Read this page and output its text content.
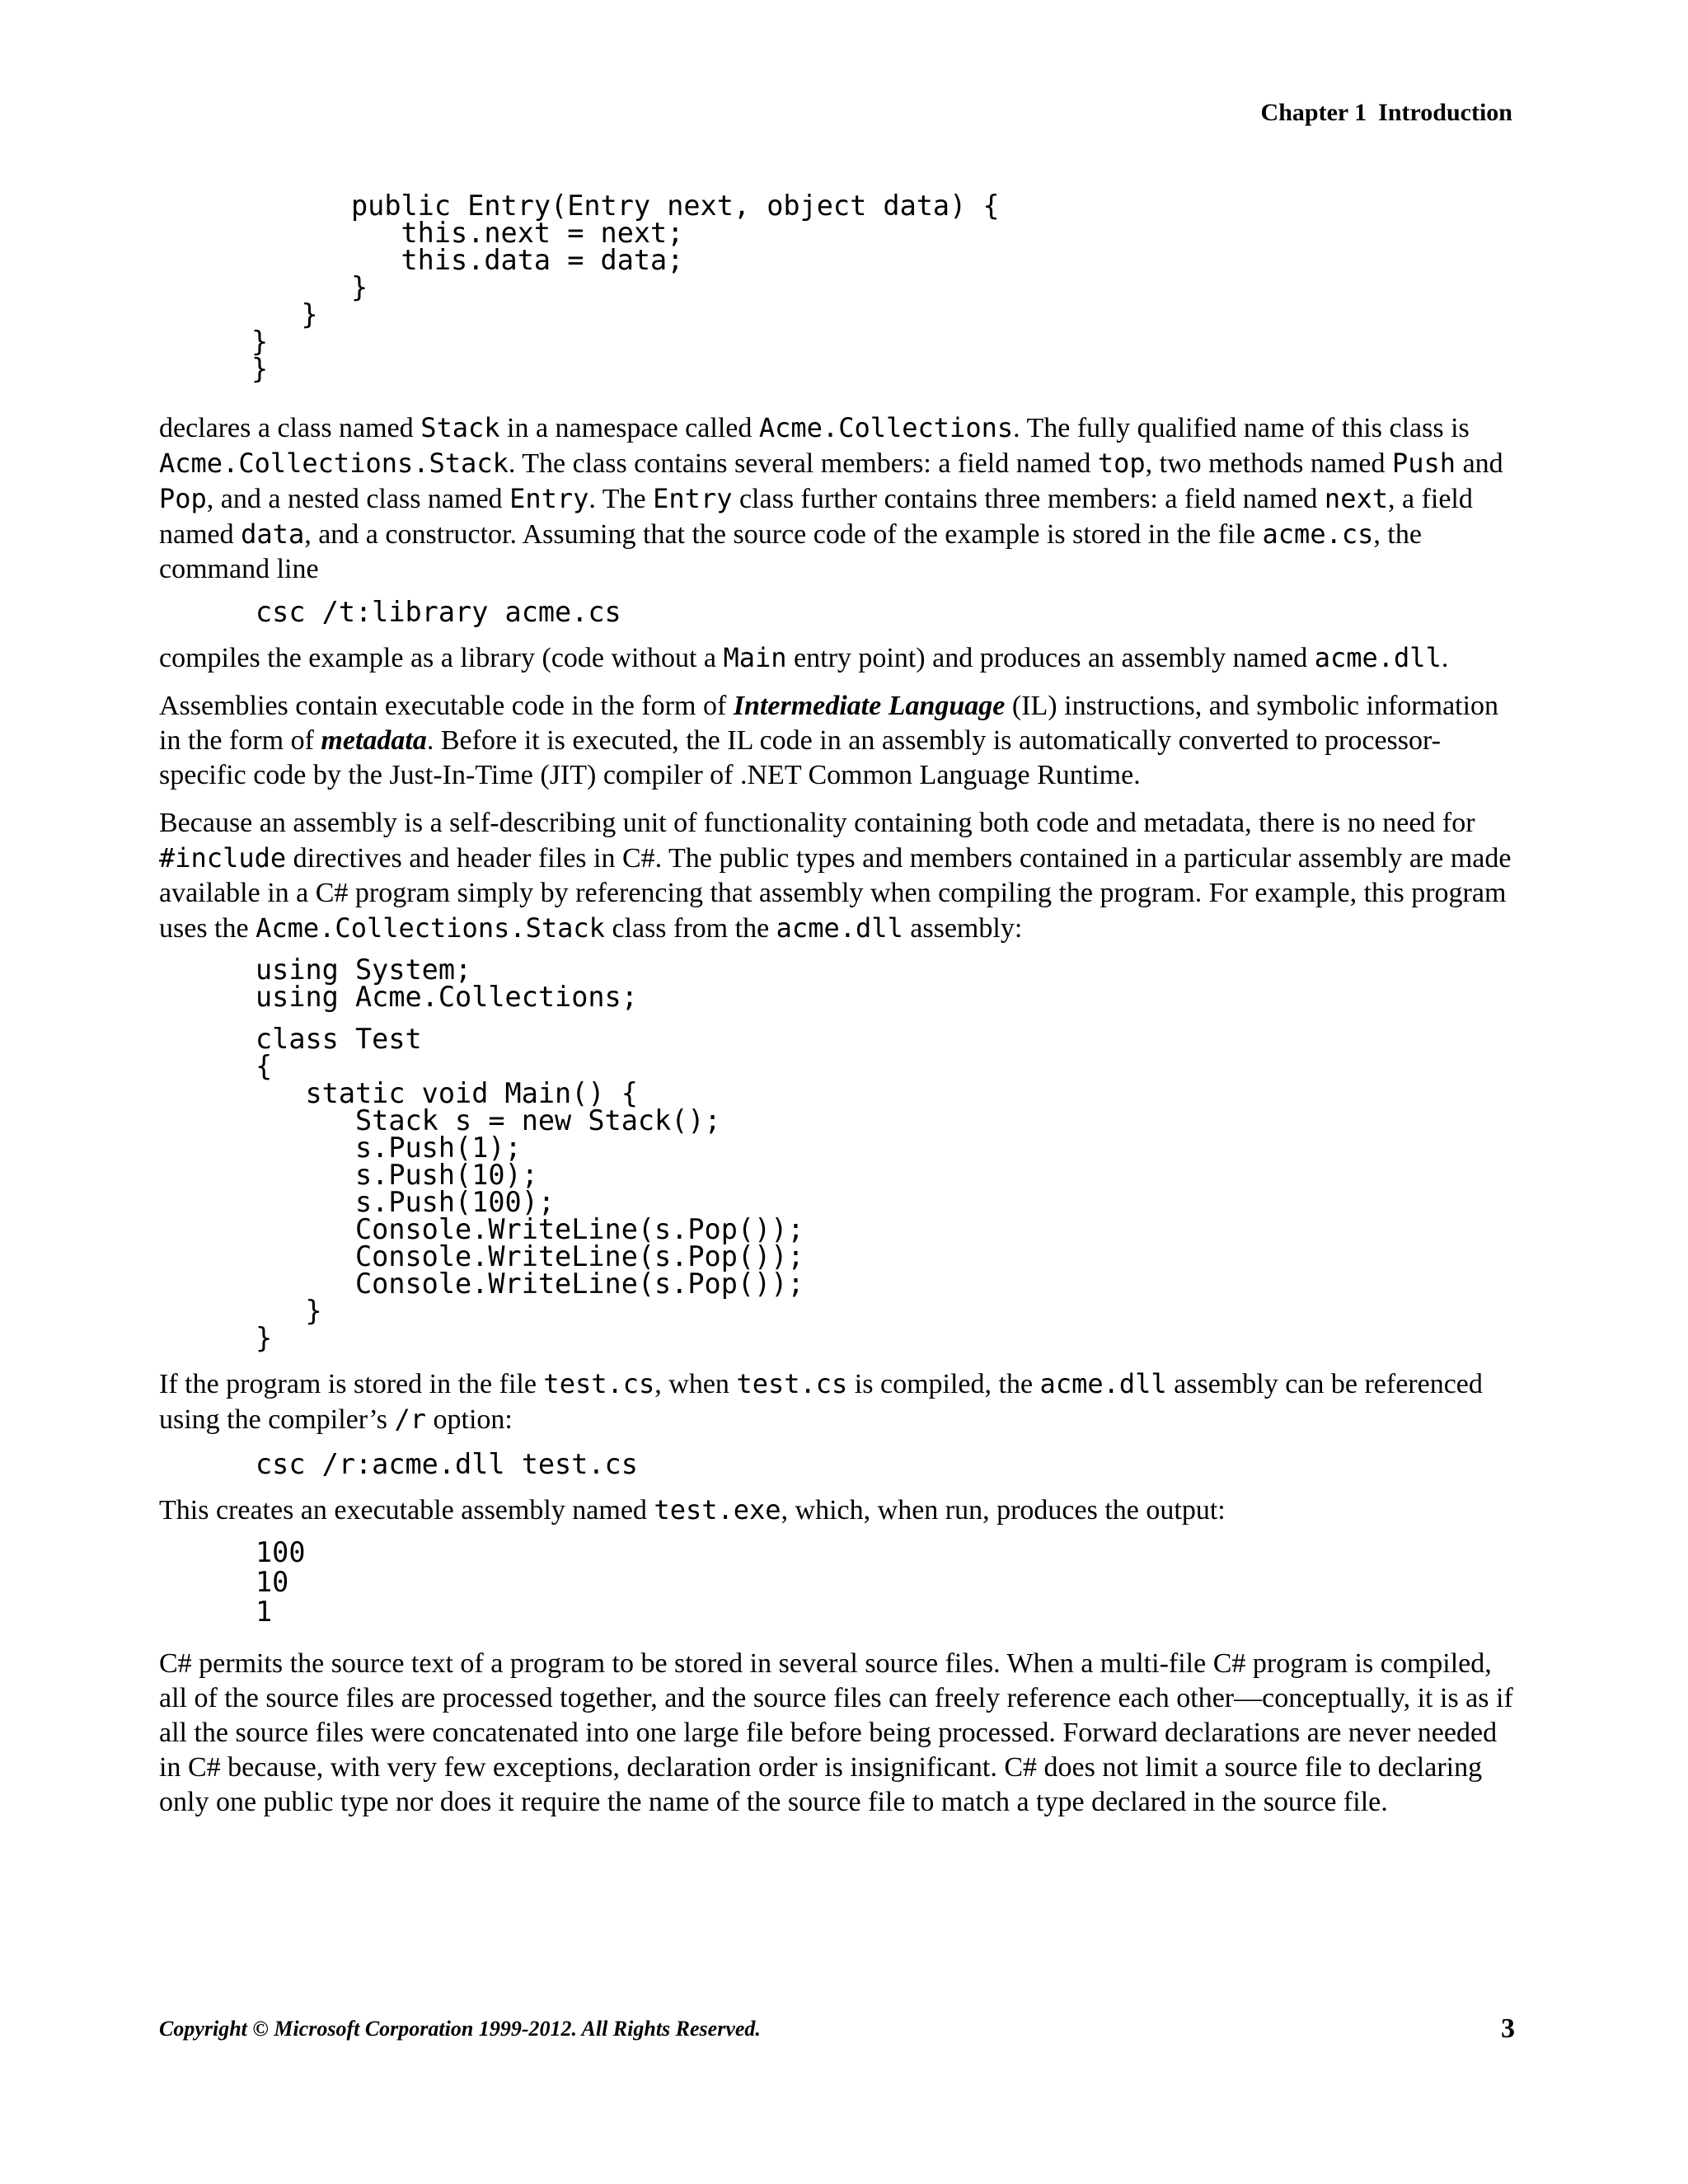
Chapter 1 Introduction
public Entry(Entry next, object data) {
this.next = next;
this.data = data;
}
}
}
}

declares a class named Stack in a namespace called Acme.Collections. The fully qualified name of this class is Acme.Collections.Stack. The class contains several members: a field named top, two methods named Push and Pop, and a nested class named Entry. The Entry class further contains three members: a field named next, a field named data, and a constructor. Assuming that the source code of the example is stored in the file acme.cs, the command line

csc /t:library acme.cs

compiles the example as a library (code without a Main entry point) and produces an assembly named acme.dll.

Assemblies contain executable code in the form of Intermediate Language (IL) instructions, and symbolic information in the form of metadata. Before it is executed, the IL code in an assembly is automatically converted to processor-specific code by the Just-In-Time (JIT) compiler of .NET Common Language Runtime.

Because an assembly is a self-describing unit of functionality containing both code and metadata, there is no need for #include directives and header files in C#. The public types and members contained in a particular assembly are made available in a C# program simply by referencing that assembly when compiling the program. For example, this program uses the Acme.Collections.Stack class from the acme.dll assembly:

using System;
using Acme.Collections;
class Test
{
static void Main() {
Stack s = new Stack();
s.Push(1);
s.Push(10);
s.Push(100);
Console.WriteLine(s.Pop());
Console.WriteLine(s.Pop());
Console.WriteLine(s.Pop());
}
}

If the program is stored in the file test.cs, when test.cs is compiled, the acme.dll assembly can be referenced using the compiler’s /r option:

csc /r:acme.dll test.cs

This creates an executable assembly named test.exe, which, when run, produces the output:

100
10
1

C# permits the source text of a program to be stored in several source files. When a multi-file C# program is compiled, all of the source files are processed together, and the source files can freely reference each other—conceptually, it is as if all the source files were concatenated into one large file before being processed. Forward declarations are never needed in C# because, with very few exceptions, declaration order is insignificant. C# does not limit a source file to declaring only one public type nor does it require the name of the source file to match a type declared in the source file.

Copyright © Microsoft Corporation 1999-2012. All Rights Reserved.	3
